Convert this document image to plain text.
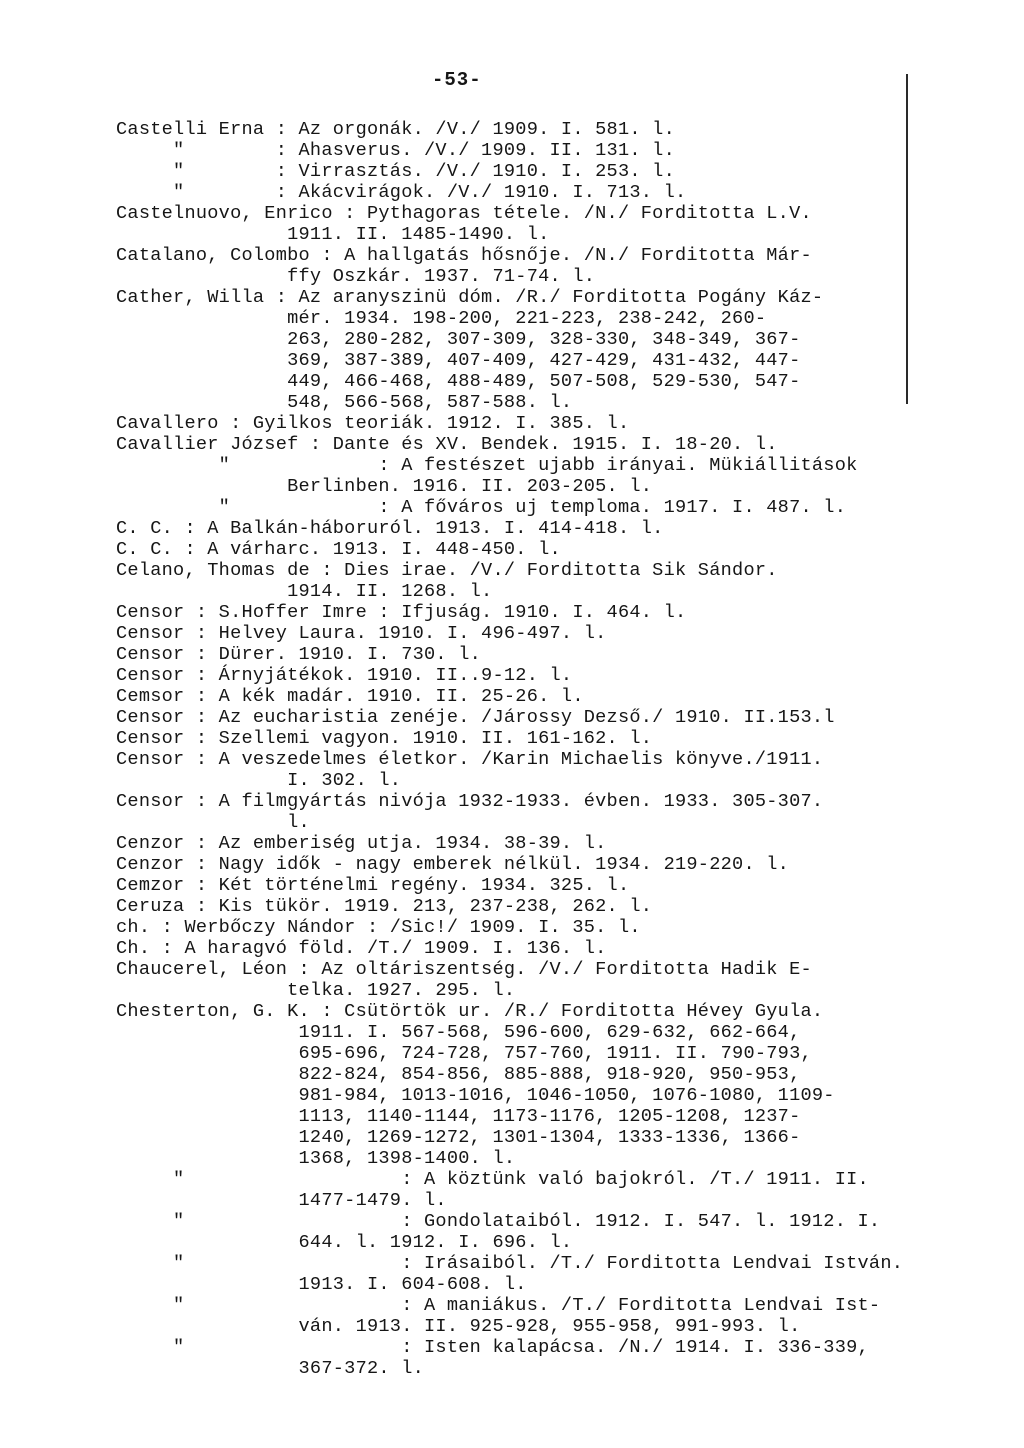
-53-
Castelli Erna : Az orgonák. /V./ 1909. I. 581. l.
"        : Ahasverus. /V./ 1909. II. 131. l.
"        : Virrasztás. /V./ 1910. I. 253. l.
"        : Akácvirágok. /V./ 1910. I. 713. l.
Castelnuovo, Enrico : Pythagoras tétele. /N./ Forditotta L.V.
1911. II. 1485-1490. l.
Catalano, Colombo : A hallgatás hősnője. /N./ Forditotta Már-
ffy Oszkár. 1937. 71-74. l.
Cather, Willa : Az aranyszinü dóm. /R./ Forditotta Pogány Káz-
mér. 1934. 198-200, 221-223, 238-242, 260-
263, 280-282, 307-309, 328-330, 348-349, 367-
369, 387-389, 407-409, 427-429, 431-432, 447-
449, 466-468, 488-489, 507-508, 529-530, 547-
548, 566-568, 587-588. l.
Cavallero : Gyilkos teoriák. 1912. I. 385. l.
Cavallier József : Dante és XV. Bendek. 1915. I. 18-20. l.
"             : A festészet ujabb irányai. Mükiállitások
Berlinben. 1916. II. 203-205. l.
"             : A főváros uj temploma. 1917. I. 487. l.
C. C. : A Balkán-háboruról. 1913. I. 414-418. l.
C. C. : A várharc. 1913. I. 448-450. l.
Celano, Thomas de : Dies irae. /V./ Forditotta Sik Sándor.
1914. II. 1268. l.
Censor : S.Hoffer Imre : Ifjuság. 1910. I. 464. l.
Censor : Helvey Laura. 1910. I. 496-497. l.
Censor : Dürer. 1910. I. 730. l.
Censor : Árnyjátékok. 1910. II..9-12. l.
Cemsor : A kék madár. 1910. II. 25-26. l.
Censor : Az eucharistia zenéje. /Járossy Dezső./ 1910. II.153.l
Censor : Szellemi vagyon. 1910. II. 161-162. l.
Censor : A veszedelmes életkor. /Karin Michaelis könyve./1911.
I. 302. l.
Censor : A filmgyártás nivója 1932-1933. évben. 1933. 305-307.
l.
Cenzor : Az emberiség utja. 1934. 38-39. l.
Cenzor : Nagy idők - nagy emberek nélkül. 1934. 219-220. l.
Cemzor : Két történelmi regény. 1934. 325. l.
Ceruza : Kis tükör. 1919. 213, 237-238, 262. l.
ch. : Werbőczy Nándor : /Sic!/ 1909. I. 35. l.
Ch. : A haragvó föld. /T./ 1909. I. 136. l.
Chaucerel, Léon : Az oltáriszentség. /V./ Forditotta Hadik E-
telka. 1927. 295. l.
Chesterton, G. K. : Csütörtök ur. /R./ Forditotta Hévey Gyula.
1911. I. 567-568, 596-600, 629-632, 662-664,
695-696, 724-728, 757-760, 1911. II. 790-793,
822-824, 854-856, 885-888, 918-920, 950-953,
981-984, 1013-1016, 1046-1050, 1076-1080, 1109-
1113, 1140-1144, 1173-1176, 1205-1208, 1237-
1240, 1269-1272, 1301-1304, 1333-1336, 1366-
1368, 1398-1400. l.
"                   : A köztünk való bajokról. /T./ 1911. II.
1477-1479. l.
"                   : Gondolataiból. 1912. I. 547. l. 1912. I.
644. l. 1912. I. 696. l.
"                   : Irásaiból. /T./ Forditotta Lendvai István.
1913. I. 604-608. l.
"                   : A maniákus. /T./ Forditotta Lendvai Ist-
ván. 1913. II. 925-928, 955-958, 991-993. l.
"                   : Isten kalapácsa. /N./ 1914. I. 336-339,
367-372. l.
